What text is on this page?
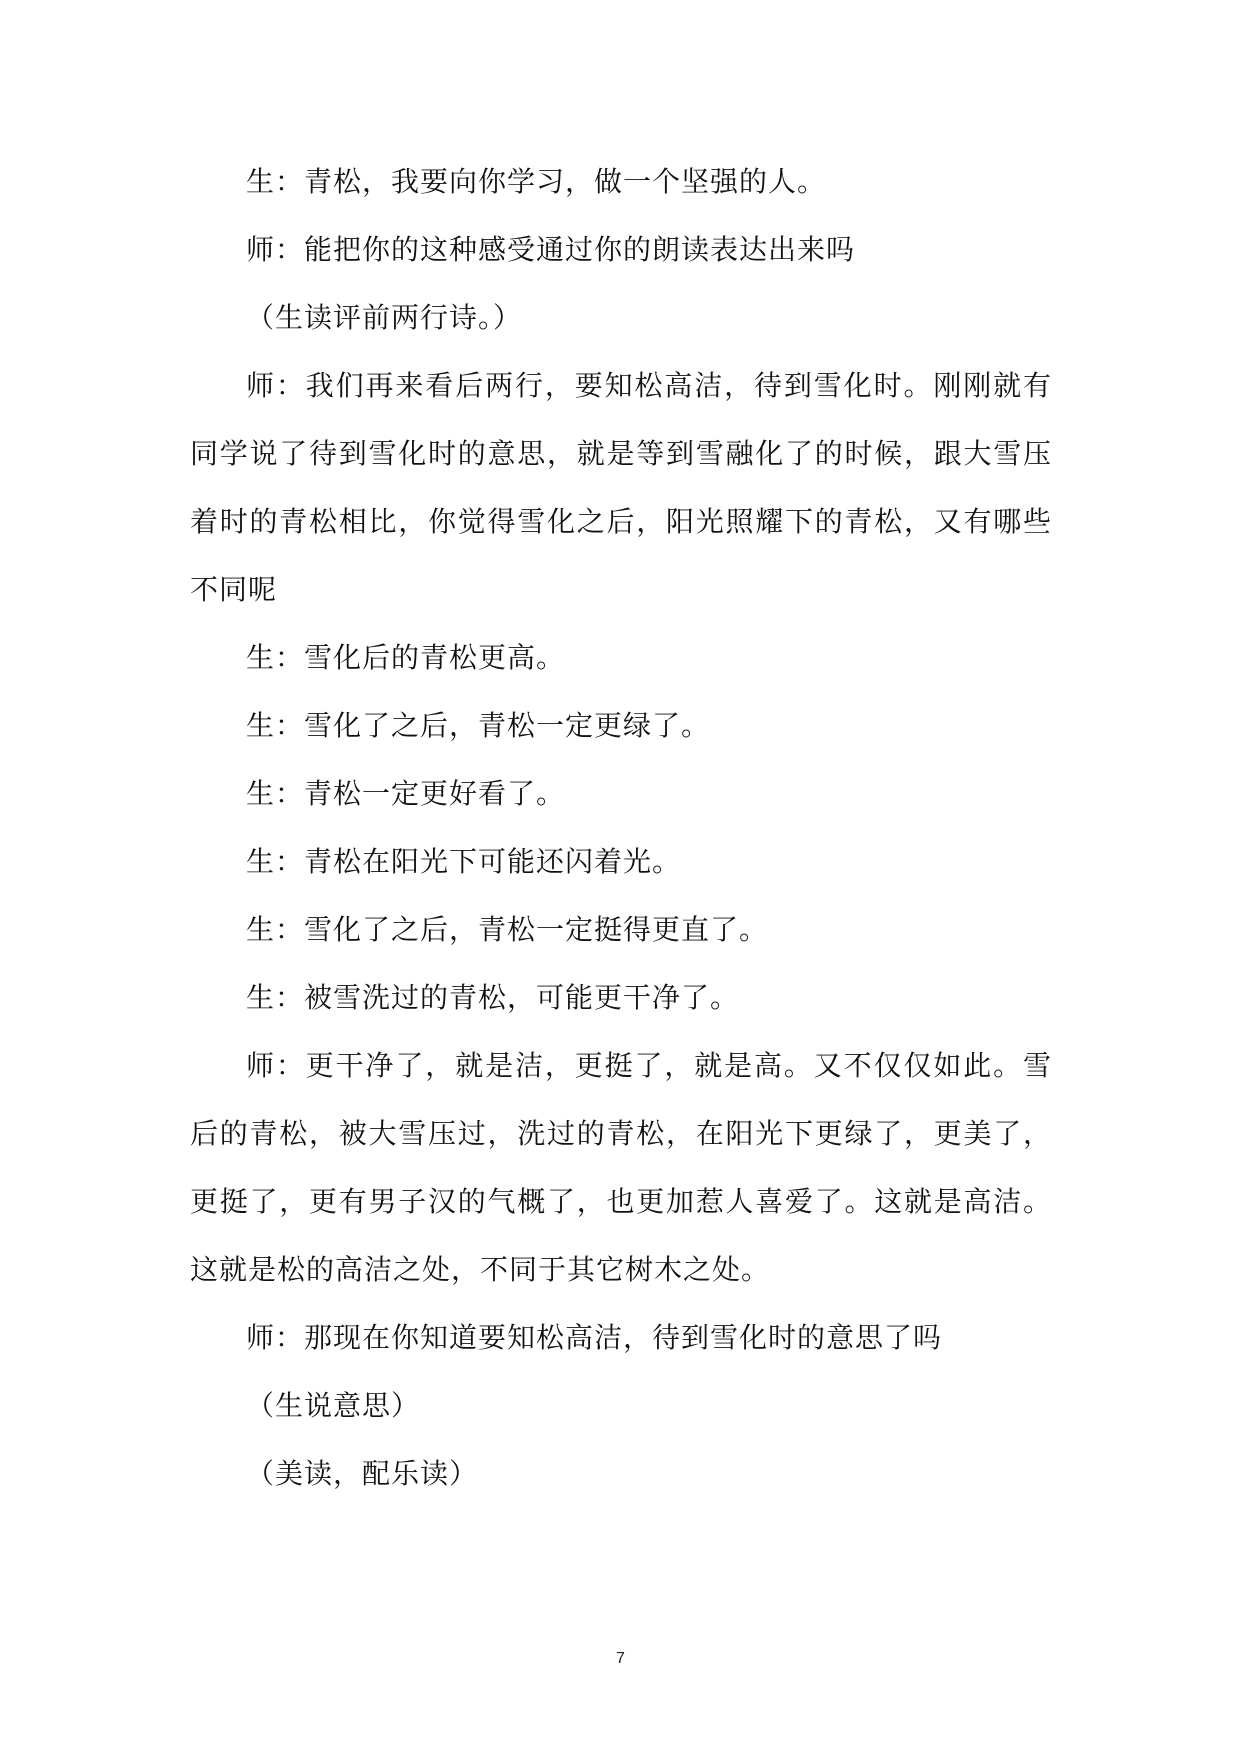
生：青松，我要向你学习，做一个坚强的人。

师：能把你的这种感受通过你的朗读表达出来吗

（生读评前两行诗。）

师：我们再来看后两行，要知松高洁，待到雪化时。刚刚就有同学说了待到雪化时的意思，就是等到雪融化了的时候，跟大雪压着时的青松相比，你觉得雪化之后，阳光照耀下的青松，又有哪些不同呢

生：雪化后的青松更高。

生：雪化了之后，青松一定更绿了。

生：青松一定更好看了。

生：青松在阳光下可能还闪着光。

生：雪化了之后，青松一定挺得更直了。

生：被雪洗过的青松，可能更干净了。

师：更干净了，就是洁，更挺了，就是高。又不仅仅如此。雪后的青松，被大雪压过，洗过的青松，在阳光下更绿了，更美了，更挺了，更有男子汉的气概了，也更加惹人喜爱了。这就是高洁。这就是松的高洁之处，不同于其它树木之处。

师：那现在你知道要知松高洁，待到雪化时的意思了吗

（生说意思）

（美读，配乐读）

7
